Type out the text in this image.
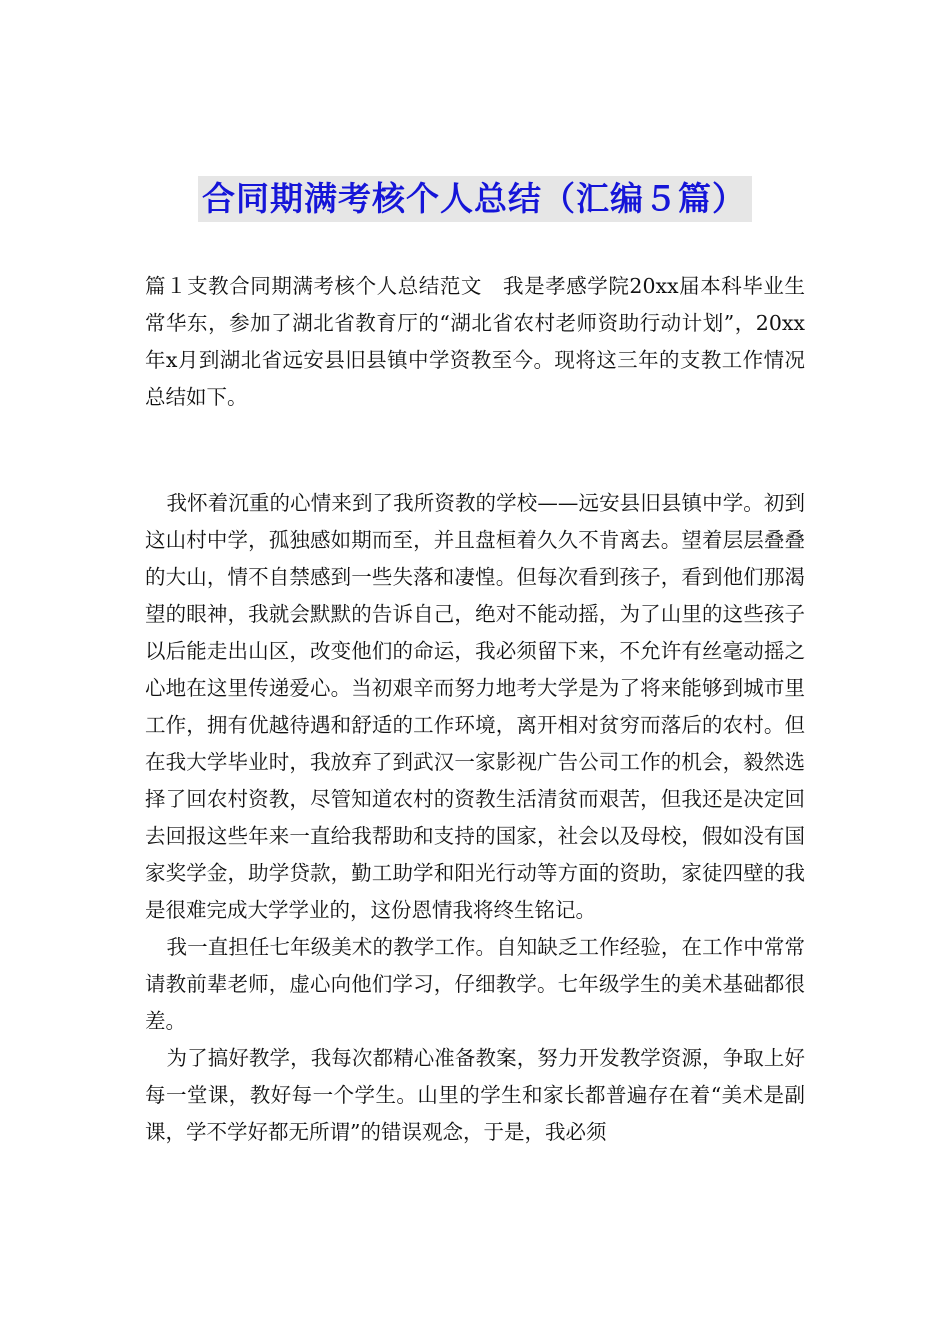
合同期满考核个人总结（汇编５篇）

篇１支教合同期满考核个人总结范文　我是孝感学院20xx届本科毕业生常华东，参加了湖北省教育厅的“湖北省农村老师资助行动计划”，20xx年x月到湖北省远安县旧县镇中学资教至今。现将这三年的支教工作情况总结如下。

我怀着沉重的心情来到了我所资教的学校——远安县旧县镇中学。初到这山村中学，孤独感如期而至，并且盘桓着久久不肯离去。望着层层叠叠的大山，情不自禁感到一些失落和凄惶。但每次看到孩子，看到他们那渴望的眼神，我就会默默的告诉自己，绝对不能动摇，为了山里的这些孩子以后能走出山区，改变他们的命运，我必须留下来，不允许有丝毫动摇之心地在这里传递爱心。当初艰辛而努力地考大学是为了将来能够到城市里工作，拥有优越待遇和舒适的工作环境，离开相对贫穷而落后的农村。但在我大学毕业时，我放弃了到武汉一家影视广告公司工作的机会，毅然选择了回农村资教，尽管知道农村的资教生活清贫而艰苦，但我还是决定回去回报这些年来一直给我帮助和支持的国家，社会以及母校，假如没有国家奖学金，助学贷款，勤工助学和阳光行动等方面的资助，家徒四壁的我是很难完成大学学业的，这份恩情我将终生铭记。

我一直担任七年级美术的教学工作。自知缺乏工作经验，在工作中常常请教前辈老师，虚心向他们学习，仔细教学。七年级学生的美术基础都很差。

为了搞好教学，我每次都精心准备教案，努力开发教学资源，争取上好每一堂课，教好每一个学生。山里的学生和家长都普遍存在着“美术是副课，学不学好都无所谓”的错误观念，于是，我必须
